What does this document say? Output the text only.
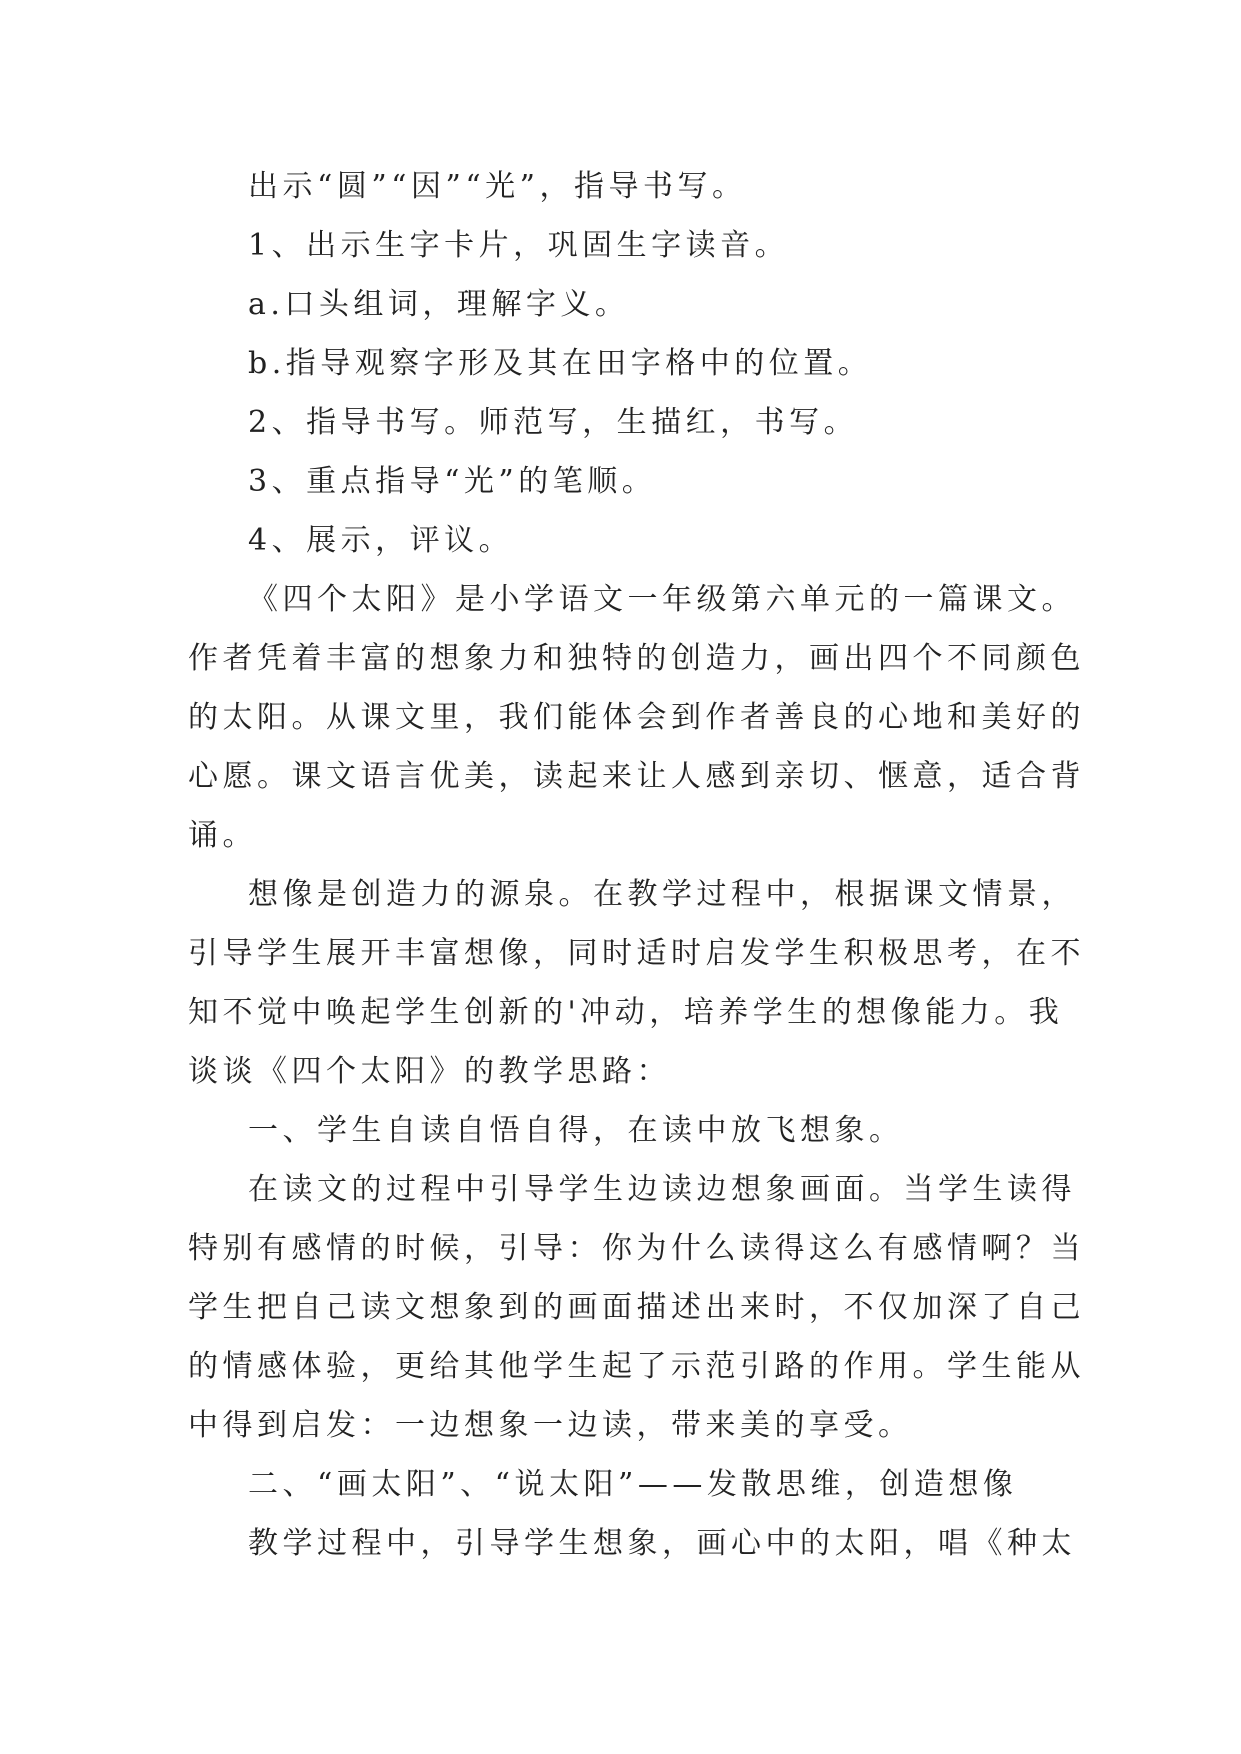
出示“圆”“因”“光”，指导书写。
1、出示生字卡片，巩固生字读音。
a.口头组词，理解字义。
b.指导观察字形及其在田字格中的位置。
2、指导书写。师范写，生描红，书写。
3、重点指导“光”的笔顺。
4、展示，评议。
《四个太阳》是小学语文一年级第六单元的一篇课文。
作者凭着丰富的想象力和独特的创造力，画出四个不同颜色
的太阳。从课文里，我们能体会到作者善良的心地和美好的
心愿。课文语言优美，读起来让人感到亲切、惬意，适合背
诵。
想像是创造力的源泉。在教学过程中，根据课文情景，
引导学生展开丰富想像，同时适时启发学生积极思考，在不
知不觉中唤起学生创新的'冲动，培养学生的想像能力。我
谈谈《四个太阳》的教学思路：
一、学生自读自悟自得，在读中放飞想象。
在读文的过程中引导学生边读边想象画面。当学生读得
特别有感情的时候，引导：你为什么读得这么有感情啊？当
学生把自己读文想象到的画面描述出来时，不仅加深了自己
的情感体验，更给其他学生起了示范引路的作用。学生能从
中得到启发：一边想象一边读，带来美的享受。
二、“画太阳”、“说太阳”——发散思维，创造想像
教学过程中，引导学生想象，画心中的太阳，唱《种太
